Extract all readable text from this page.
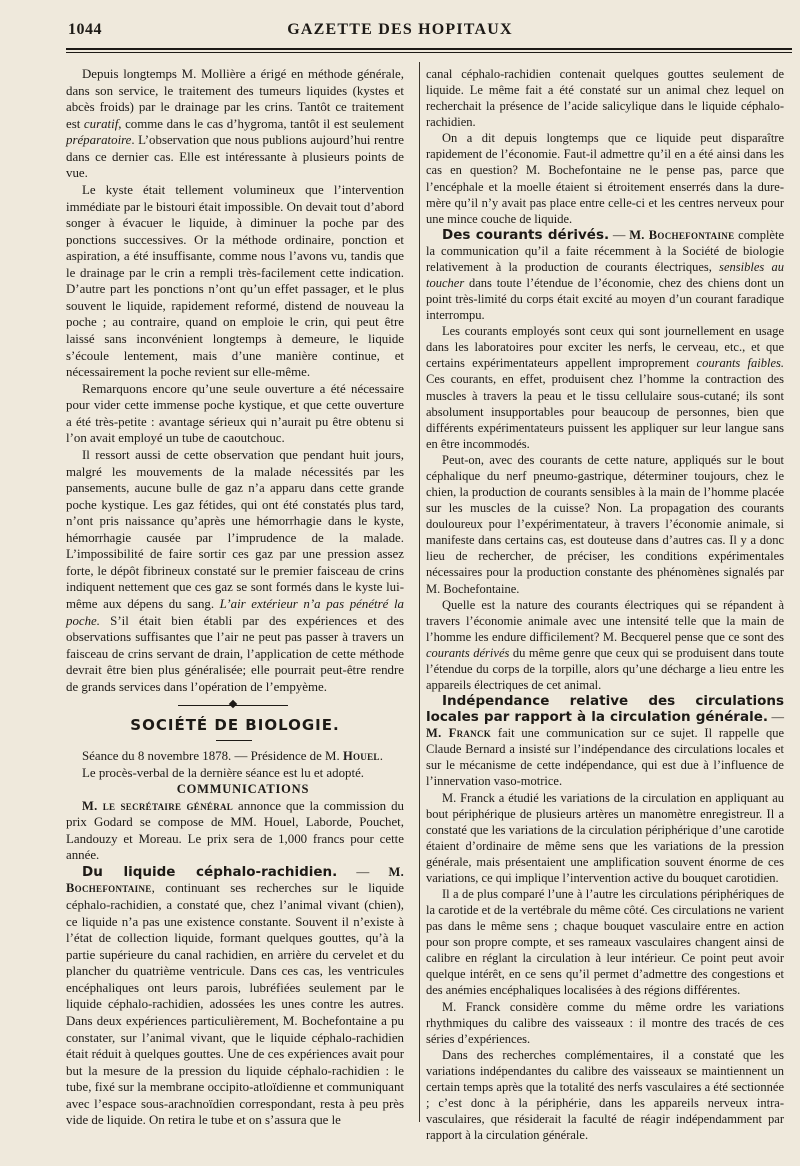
1044	GAZETTE DES HOPITAUX

Depuis longtemps M. Mollière a érigé en méthode générale, dans son service, le traitement des tumeurs liquides (kystes et abcès froids) par le drainage par les crins. Tantôt ce traitement est curatif, comme dans le cas d’hygroma, tantôt il est seulement préparatoire. L’observation que nous publions aujourd’hui rentre dans ce dernier cas. Elle est intéressante à plusieurs points de vue.

Le kyste était tellement volumineux que l’intervention immédiate par le bistouri était impossible. On devait tout d’abord songer à évacuer le liquide, à diminuer la poche par des ponctions successives. Or la méthode ordinaire, ponction et aspiration, a été insuffisante, comme nous l’avons vu, tandis que le drainage par le crin a rempli très-facilement cette indication. D’autre part les ponctions n’ont qu’un effet passager, et le plus souvent le liquide, rapidement reformé, distend de nouveau la poche ; au contraire, quand on emploie le crin, qui peut être laissé sans inconvénient longtemps à demeure, le liquide s’écoule lentement, mais d’une manière continue, et nécessairement la poche revient sur elle-même.

Remarquons encore qu’une seule ouverture a été nécessaire pour vider cette immense poche kystique, et que cette ouverture a été très-petite : avantage sérieux qui n’aurait pu être obtenu si l’on avait employé un tube de caoutchouc.

Il ressort aussi de cette observation que pendant huit jours, malgré les mouvements de la malade nécessités par les pansements, aucune bulle de gaz n’a apparu dans cette grande poche kystique. Les gaz fétides, qui ont été constatés plus tard, n’ont pris naissance qu’après une hémorrhagie dans le kyste, hémorrhagie causée par l’imprudence de la malade. L’impossibilité de faire sortir ces gaz par une pression assez forte, le dépôt fibrineux constaté sur le premier faisceau de crins indiquent nettement que ces gaz se sont formés dans le kyste lui-même aux dépens du sang. L’air extérieur n’a pas pénétré la poche. S’il était bien établi par des expériences et des observations suffisantes que l’air ne peut pas passer à travers un faisceau de crins servant de drain, l’application de cette méthode devrait être bien plus généralisée; elle pourrait peut-être rendre de grands services dans l’opération de l’empyème.

SOCIÉTÉ DE BIOLOGIE.

Séance du 8 novembre 1878. — Présidence de M. Houel.

Le procès-verbal de la dernière séance est lu et adopté.

COMMUNICATIONS

M. le secrétaire général annonce que la commission du prix Godard se compose de MM. Houel, Laborde, Pouchet, Landouzy et Moreau. Le prix sera de 1,000 francs pour cette année.

Du liquide céphalo-rachidien. — M. Bochefontaine, continuant ses recherches sur le liquide céphalo-rachidien, a constaté que, chez l’animal vivant (chien), ce liquide n’a pas une existence constante. Souvent il n’existe à l’état de collection liquide, formant quelques gouttes, qu’à la partie supérieure du canal rachidien, en arrière du cervelet et du plancher du quatrième ventricule. Dans ces cas, les ventricules encéphaliques ont leurs parois, lubréfiées seulement par le liquide céphalo-rachidien, adossées les unes contre les autres. Dans deux expériences particulièrement, M. Bochefontaine a pu constater, sur l’animal vivant, que le liquide céphalo-rachidien était réduit à quelques gouttes. Une de ces expériences avait pour but la mesure de la pression du liquide céphalo-rachidien : le tube, fixé sur la membrane occipito-atloïdienne et communiquant avec l’espace sous-arachnoïdien correspondant, resta à peu près vide de liquide. On retira le tube et on s’assura que le

canal céphalo-rachidien contenait quelques gouttes seulement de liquide. Le même fait a été constaté sur un animal chez lequel on recherchait la présence de l’acide salicylique dans le liquide céphalo-rachidien.

On a dit depuis longtemps que ce liquide peut disparaître rapidement de l’économie. Faut-il admettre qu’il en a été ainsi dans les cas en question? M. Bochefontaine ne le pense pas, parce que l’encéphale et la moelle étaient si étroitement enserrés dans la dure-mère qu’il n’y avait pas place entre celle-ci et les centres nerveux pour une mince couche de liquide.

Des courants dérivés. — M. Bochefontaine complète la communication qu’il a faite récemment à la Société de biologie relativement à la production de courants électriques, sensibles au toucher dans toute l’étendue de l’économie, chez des chiens dont un point très-limité du corps était excité au moyen d’un courant faradique interrompu.

Les courants employés sont ceux qui sont journellement en usage dans les laboratoires pour exciter les nerfs, le cerveau, etc., et que certains expérimentateurs appellent improprement courants faibles. Ces courants, en effet, produisent chez l’homme la contraction des muscles à travers la peau et le tissu cellulaire sous-cutané; ils sont absolument insupportables pour beaucoup de personnes, bien que différents expérimentateurs puissent les appliquer sur leur langue sans en être incommodés.

Peut-on, avec des courants de cette nature, appliqués sur le bout céphalique du nerf pneumo-gastrique, déterminer toujours, chez le chien, la production de courants sensibles à la main de l’homme placée sur les muscles de la cuisse? Non. La propagation des courants douloureux pour l’expérimentateur, à travers l’économie animale, si manifeste dans certains cas, est douteuse dans d’autres cas. Il y a donc lieu de rechercher, de préciser, les conditions expérimentales nécessaires pour la production constante des phénomènes signalés par M. Bochefontaine.

Quelle est la nature des courants électriques qui se répandent à travers l’économie animale avec une intensité telle que la main de l’homme les endure difficilement? M. Becquerel pense que ce sont des courants dérivés du même genre que ceux qui se produisent dans toute l’étendue du corps de la torpille, alors qu’une décharge a lieu entre les appareils électriques de cet animal.

Indépendance relative des circulations locales par rapport à la circulation générale. — M. Franck fait une communication sur ce sujet. Il rappelle que Claude Bernard a insisté sur l’indépendance des circulations locales et sur le mécanisme de cette indépendance, qui est due à l’influence de l’innervation vaso-motrice.

M. Franck a étudié les variations de la circulation en appliquant au bout périphérique de plusieurs artères un manomètre enregistreur. Il a constaté que les variations de la circulation périphérique d’une carotide étaient d’ordinaire de même sens que les variations de la pression générale, mais présentaient une amplification souvent énorme de ces variations, ce qui implique l’intervention active du bouquet carotidien.

Il a de plus comparé l’une à l’autre les circulations périphériques de la carotide et de la vertébrale du même côté. Ces circulations ne varient pas dans le même sens ; chaque bouquet vasculaire entre en action pour son propre compte, et ses rameaux vasculaires changent ainsi de calibre en réglant la circulation à leur intérieur. Ce point peut avoir quelque intérêt, en ce sens qu’il permet d’admettre des congestions et des anémies encéphaliques localisées à des régions différentes.

M. Franck considère comme du même ordre les variations rhythmiques du calibre des vaisseaux : il montre des tracés de ces séries d’expériences.

Dans des recherches complémentaires, il a constaté que les variations indépendantes du calibre des vaisseaux se maintiennent un certain temps après que la totalité des nerfs vasculaires a été sectionnée ; c’est donc à la périphérie, dans les appareils nerveux intra-vasculaires, que résiderait la faculté de réagir indépendamment par rapport à la circulation générale.
